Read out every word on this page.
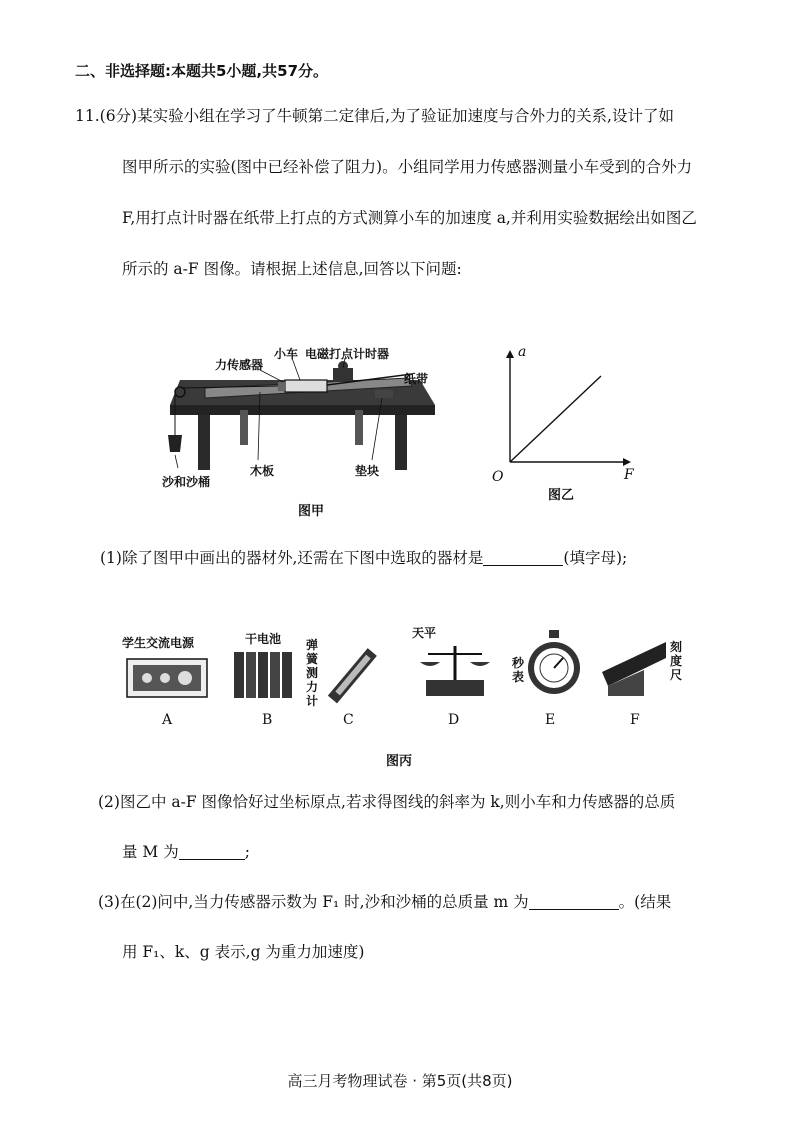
二、非选择题:本题共5小题,共57分。
11.(6分)某实验小组在学习了牛顿第二定律后,为了验证加速度与合外力的关系,设计了如
图甲所示的实验(图中已经补偿了阻力)。小组同学用力传感器测量小车受到的合外力
F,用打点计时器在纸带上打点的方式测算小车的加速度 a,并利用实验数据绘出如图乙
所示的 a-F 图像。请根据上述信息,回答以下问题:
力传感器
小车 电磁打点计时器
纸带
沙和沙桶
木板	垫块
图甲
a
F
O
图乙
(1)除了图甲中画出的器材外,还需在下图中选取的器材是	(填字母);
学生交流电源
A
干电池
B
弹簧测力计
C
天平
D
秒表
E
刻度尺
F
图丙
(2)图乙中 a-F 图像恰好过坐标原点,若求得图线的斜率为 k,则小车和力传感器的总质
量 M 为	;
(3)在(2)问中,当力传感器示数为 F₁ 时,沙和沙桶的总质量 m 为	。(结果
用 F₁、k、g 表示,g 为重力加速度)
高三月考物理试卷 · 第5页(共8页)
